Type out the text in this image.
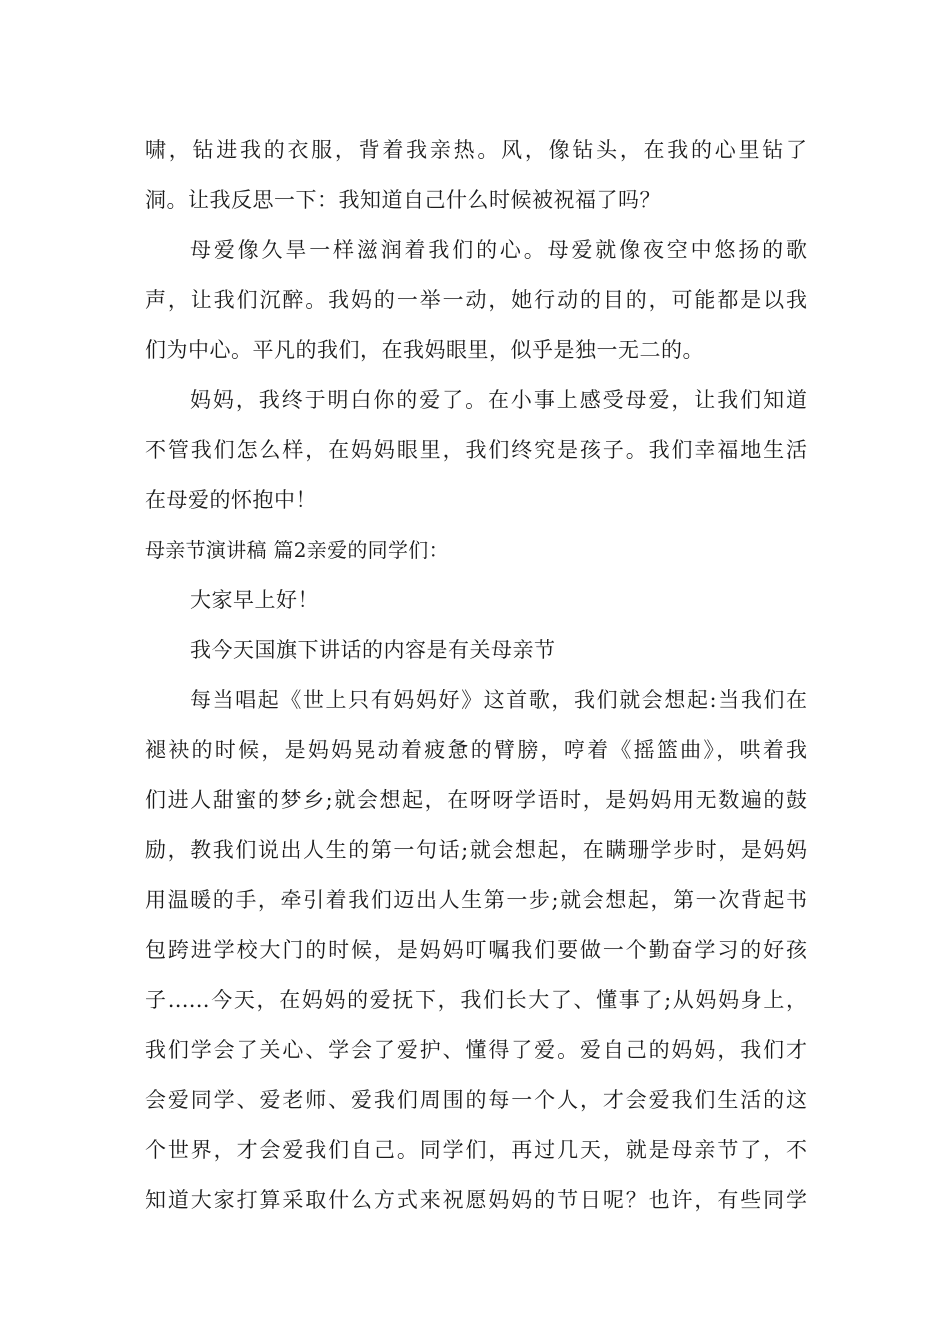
啸，钻进我的衣服，背着我亲热。风，像钻头，在我的心里钻了
洞。让我反思一下：我知道自己什么时候被祝福了吗？
母爱像久旱一样滋润着我们的心。母爱就像夜空中悠扬的歌
声，让我们沉醉。我妈的一举一动，她行动的目的，可能都是以我
们为中心。平凡的我们，在我妈眼里，似乎是独一无二的。
妈妈，我终于明白你的爱了。在小事上感受母爱，让我们知道
不管我们怎么样，在妈妈眼里，我们终究是孩子。我们幸福地生活
在母爱的怀抱中！
母亲节演讲稿 篇2亲爱的同学们：
大家早上好！
我今天国旗下讲话的内容是有关母亲节
每当唱起《世上只有妈妈好》这首歌，我们就会想起:当我们在
褪袂的时候，是妈妈晃动着疲惫的臂膀，哼着《摇篮曲》，哄着我
们进人甜蜜的梦乡;就会想起，在呀呀学语时，是妈妈用无数遍的鼓
励，教我们说出人生的第一句话;就会想起，在瞒珊学步时，是妈妈
用温暖的手，牵引着我们迈出人生第一步;就会想起，第一次背起书
包跨进学校大门的时候，是妈妈叮嘱我们要做一个勤奋学习的好孩
子……今天，在妈妈的爱抚下，我们长大了、懂事了;从妈妈身上，
我们学会了关心、学会了爱护、懂得了爱。爱自己的妈妈，我们才
会爱同学、爱老师、爱我们周围的每一个人，才会爱我们生活的这
个世界，才会爱我们自己。同学们，再过几天，就是母亲节了，不
知道大家打算采取什么方式来祝愿妈妈的节日呢？也许，有些同学
